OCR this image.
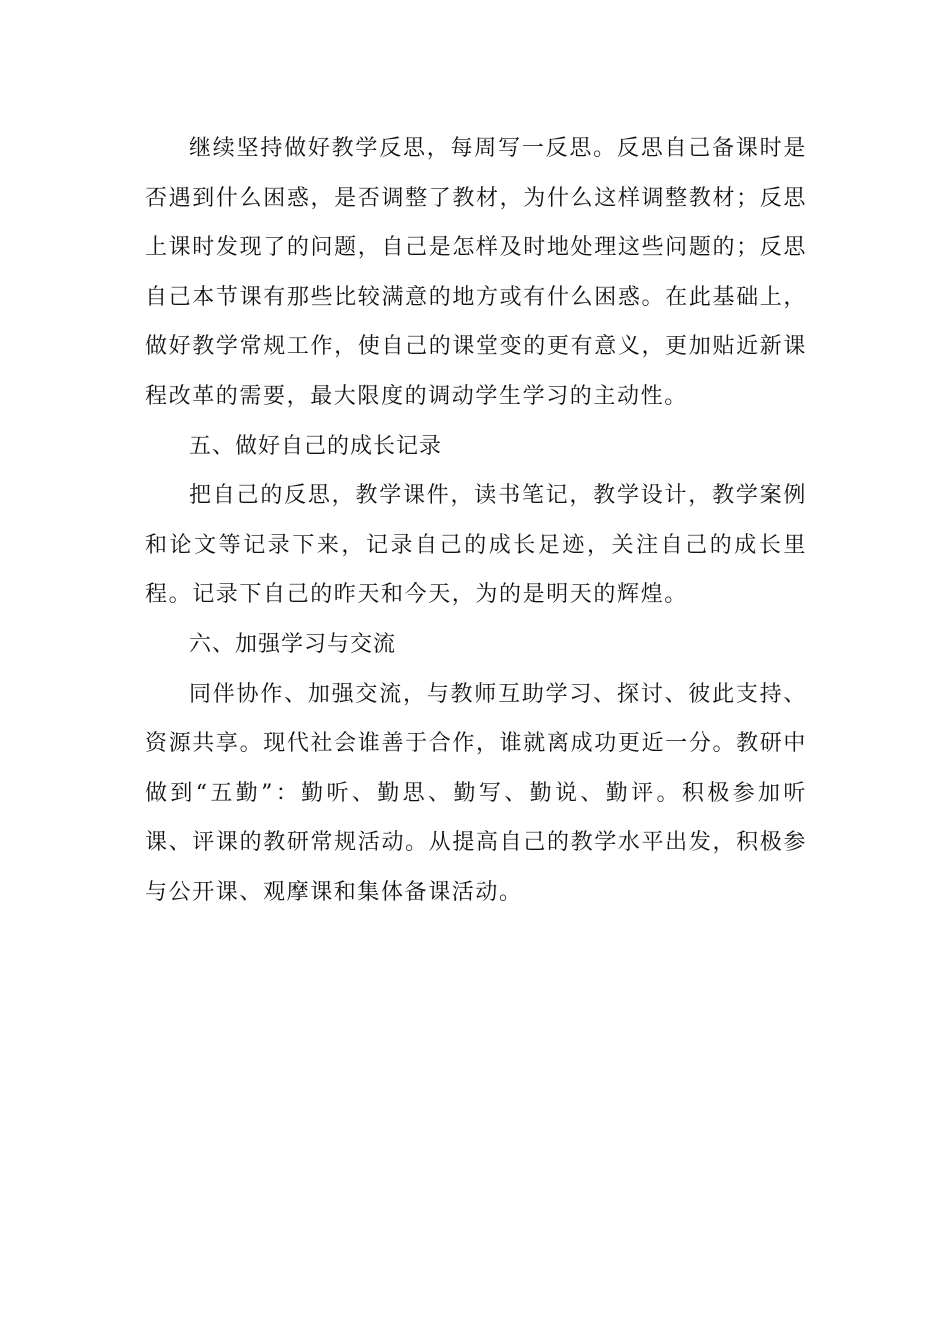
继续坚持做好教学反思，每周写一反思。反思自己备课时是否遇到什么困惑，是否调整了教材，为什么这样调整教材；反思上课时发现了的问题，自己是怎样及时地处理这些问题的；反思自己本节课有那些比较满意的地方或有什么困惑。在此基础上，做好教学常规工作，使自己的课堂变的更有意义，更加贴近新课程改革的需要，最大限度的调动学生学习的主动性。

五、做好自己的成长记录

把自己的反思，教学课件，读书笔记，教学设计，教学案例和论文等记录下来，记录自己的成长足迹，关注自己的成长里程。记录下自己的昨天和今天，为的是明天的辉煌。

六、加强学习与交流

同伴协作、加强交流，与教师互助学习、探讨、彼此支持、资源共享。现代社会谁善于合作，谁就离成功更近一分。教研中做到“五勤”：勤听、勤思、勤写、勤说、勤评。积极参加听课、评课的教研常规活动。从提高自己的教学水平出发，积极参与公开课、观摩课和集体备课活动。
